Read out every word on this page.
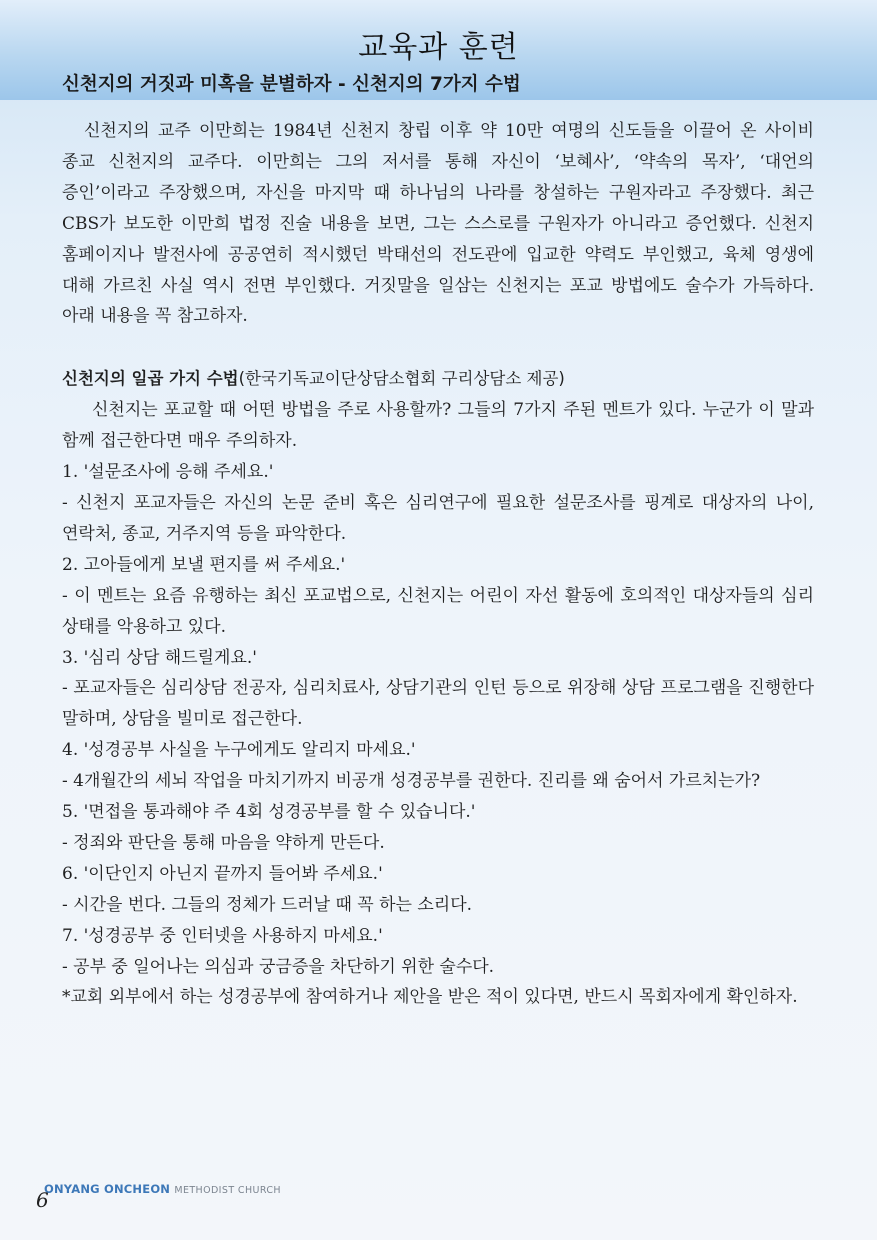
교육과 훈련
신천지의 거짓과 미혹을 분별하자 - 신천지의 7가지 수법

신천지의 교주 이만희는 1984년 신천지 창립 이후 약 10만 여명의 신도들을 이끌어 온 사이비 종교 신천지의 교주다. 이만희는 그의 저서를 통해 자신이 ‘보혜사’, ‘약속의 목자’, ‘대언의 증인’이라고 주장했으며, 자신을 마지막 때 하나님의 나라를 창설하는 구원자라고 주장했다. 최근 CBS가 보도한 이만희 법정 진술 내용을 보면, 그는 스스로를 구원자가 아니라고 증언했다. 신천지 홈페이지나 발전사에 공공연히 적시했던 박태선의 전도관에 입교한 약력도 부인했고, 육체 영생에 대해 가르친 사실 역시 전면 부인했다. 거짓말을 일삼는 신천지는 포교 방법에도 술수가 가득하다. 아래 내용을 꼭 참고하자.

신천지의 일곱 가지 수법(한국기독교이단상담소협회 구리상담소 제공)

신천지는 포교할 때 어떤 방법을 주로 사용할까? 그들의 7가지 주된 멘트가 있다. 누군가 이 말과 함께 접근한다면 매우 주의하자.

1. '설문조사에 응해 주세요.'

- 신천지 포교자들은 자신의 논문 준비 혹은 심리연구에 필요한 설문조사를 핑계로 대상자의 나이, 연락처, 종교, 거주지역 등을 파악한다.

2. 고아들에게 보낼 편지를 써 주세요.'

- 이 멘트는 요즘 유행하는 최신 포교법으로, 신천지는 어린이 자선 활동에 호의적인 대상자들의 심리 상태를 악용하고 있다.

3. '심리 상담 해드릴게요.'

- 포교자들은 심리상담 전공자, 심리치료사, 상담기관의 인턴 등으로 위장해 상담 프로그램을 진행한다 말하며, 상담을 빌미로 접근한다.

4. '성경공부 사실을 누구에게도 알리지 마세요.'

- 4개월간의 세뇌 작업을 마치기까지 비공개 성경공부를 권한다. 진리를 왜 숨어서 가르치는가?

5. '면접을 통과해야 주 4회 성경공부를 할 수 있습니다.'

- 정죄와 판단을 통해 마음을 약하게 만든다.

6. '이단인지 아닌지 끝까지 들어봐 주세요.'

- 시간을 번다. 그들의 정체가 드러날 때 꼭 하는 소리다.

7. '성경공부 중 인터넷을 사용하지 마세요.'

- 공부 중 일어나는 의심과 궁금증을 차단하기 위한 술수다.

*교회 외부에서 하는 성경공부에 참여하거나 제안을 받은 적이 있다면, 반드시 목회자에게 확인하자.

ONYANG ONCHEON METHODIST CHURCH
6
